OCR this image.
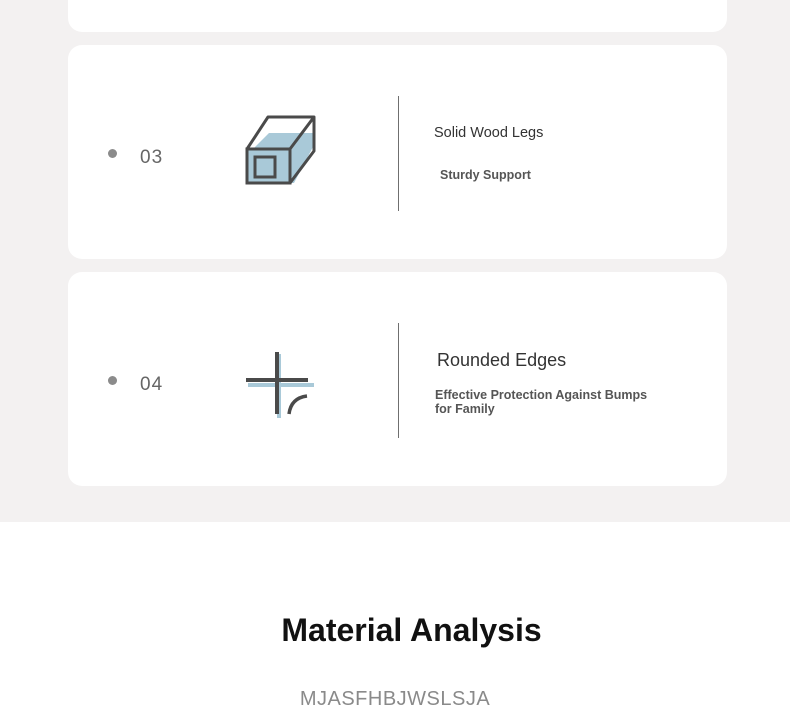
03
Solid Wood Legs
Sturdy Support
04
Rounded Edges
Effective Protection Against Bumps for Family
Material Analysis
MJASFHBJWSLSJA
